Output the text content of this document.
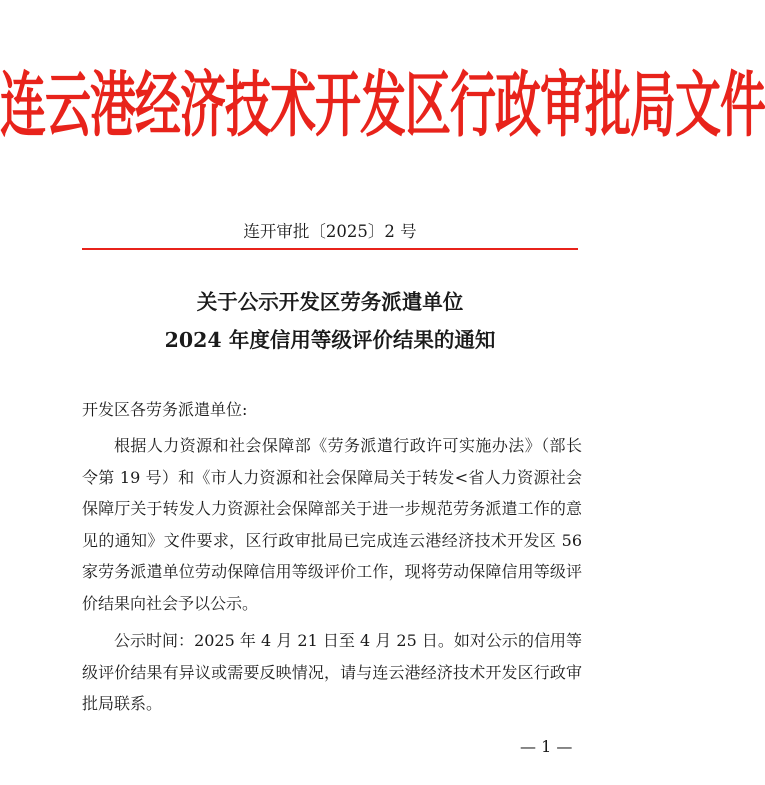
连云港经济技术开发区行政审批局文件
连开审批〔2025〕2 号
关于公示开发区劳务派遣单位
2024 年度信用等级评价结果的通知
开发区各劳务派遣单位:
根据人力资源和社会保障部《劳务派遣行政许可实施办法》（部长令第 19 号）和《市人力资源和社会保障局关于转发<省人力资源社会保障厅关于转发人力资源社会保障部关于进一步规范劳务派遣工作的意见的通知》文件要求，区行政审批局已完成连云港经济技术开发区 56 家劳务派遣单位劳动保障信用等级评价工作，现将劳动保障信用等级评价结果向社会予以公示。
公示时间：2025 年 4 月 21 日至 4 月 25 日。如对公示的信用等级评价结果有异议或需要反映情况，请与连云港经济技术开发区行政审批局联系。
— 1 —
